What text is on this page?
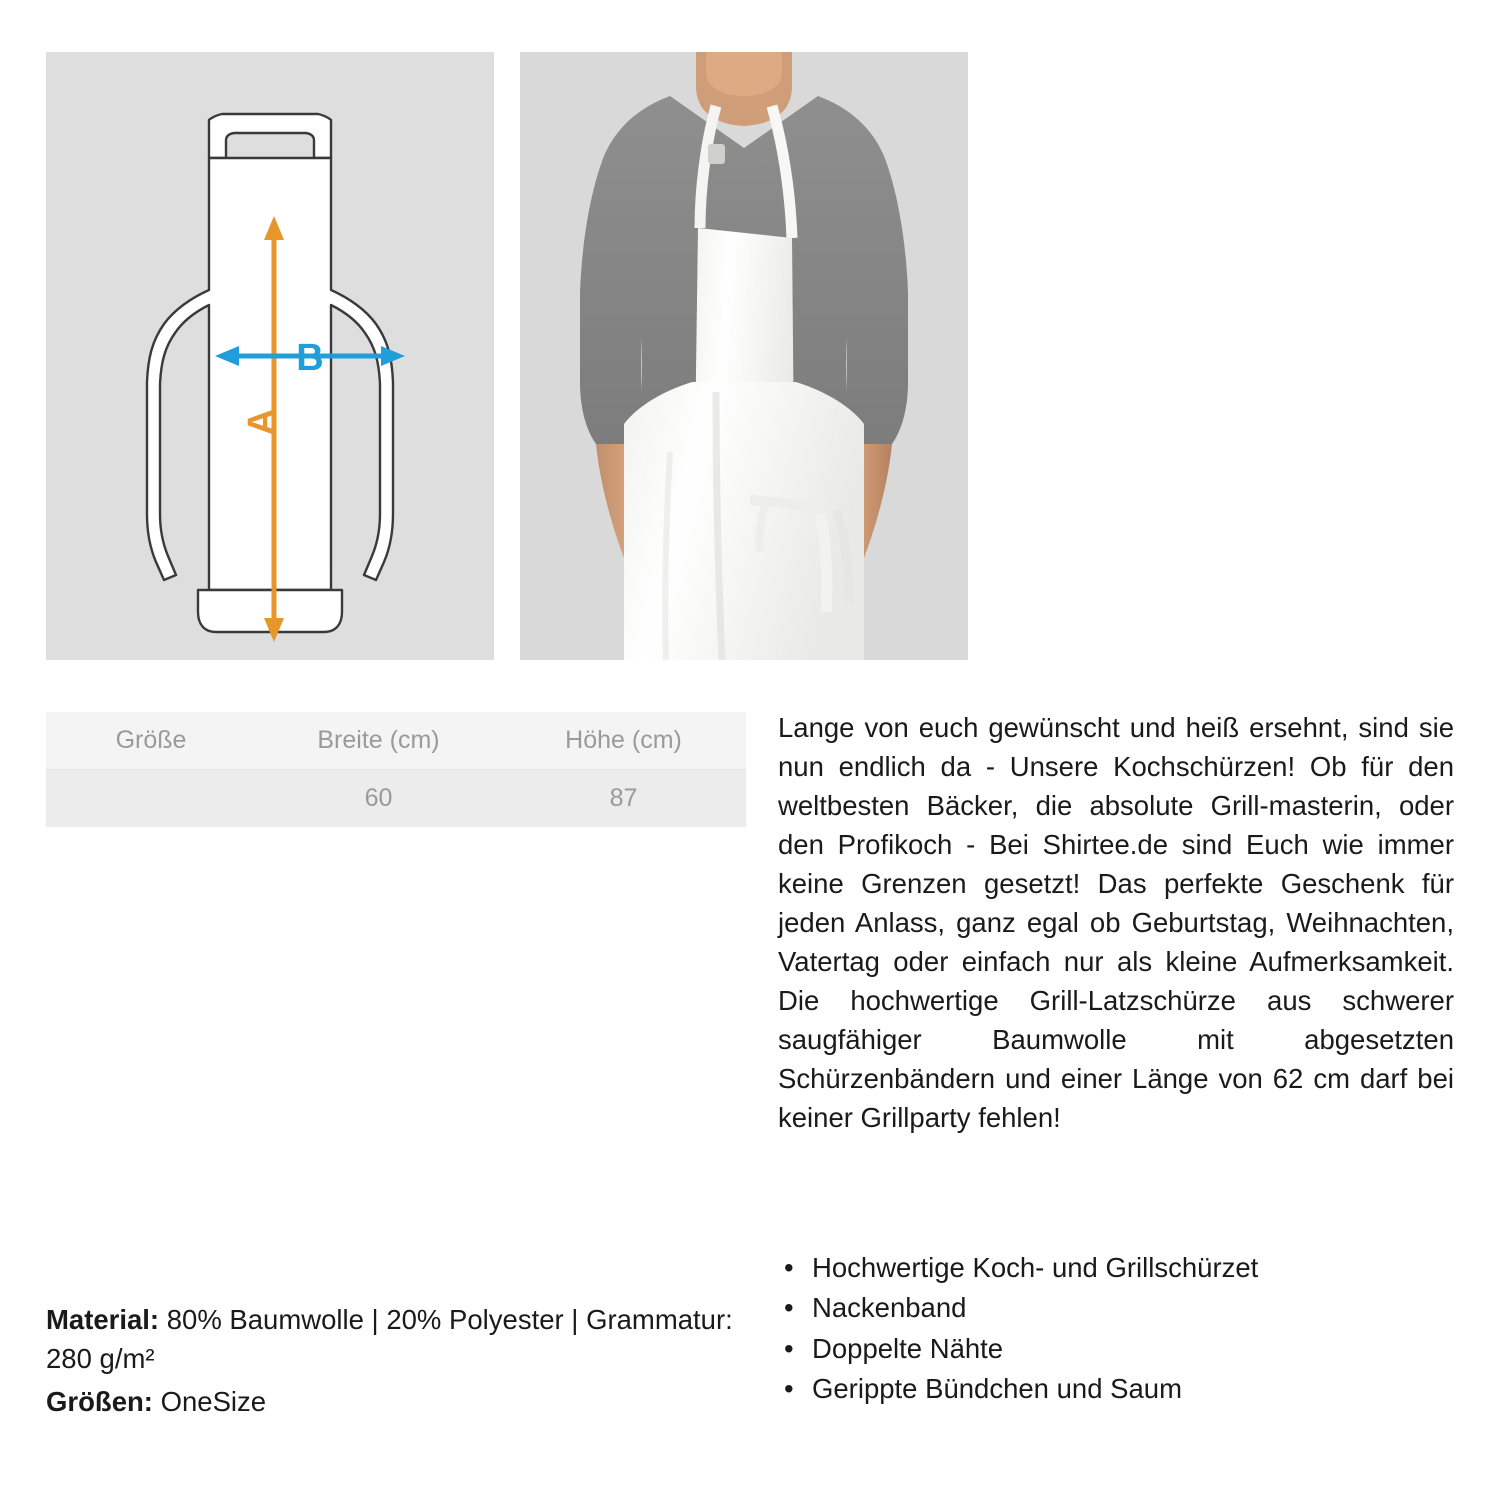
A
B
Größe	Breite (cm)	Höhe (cm)
	60	87
Lange von euch gewünscht und heiß ersehnt, sind sie nun endlich da - Unsere Kochschürzen! Ob für den weltbesten Bäcker, die absolute Grill-masterin, oder den Profikoch - Bei Shirtee.de sind Euch wie immer keine Grenzen gesetzt! Das perfekte Geschenk für jeden Anlass, ganz egal ob Geburtstag, Weihnachten, Vatertag oder einfach nur als kleine Aufmerksamkeit. Die hochwertige Grill-Latzschürze aus schwerer saugfähiger Baumwolle mit abgesetzten Schürzenbändern und einer Länge von 62 cm darf bei keiner Grillparty fehlen!
• Hochwertige Koch- und Grillschürzet
• Nackenband
• Doppelte Nähte
• Gerippte Bündchen und Saum
Material: 80% Baumwolle | 20% Polyester | Grammatur: 280 g/m²
Größen: OneSize
